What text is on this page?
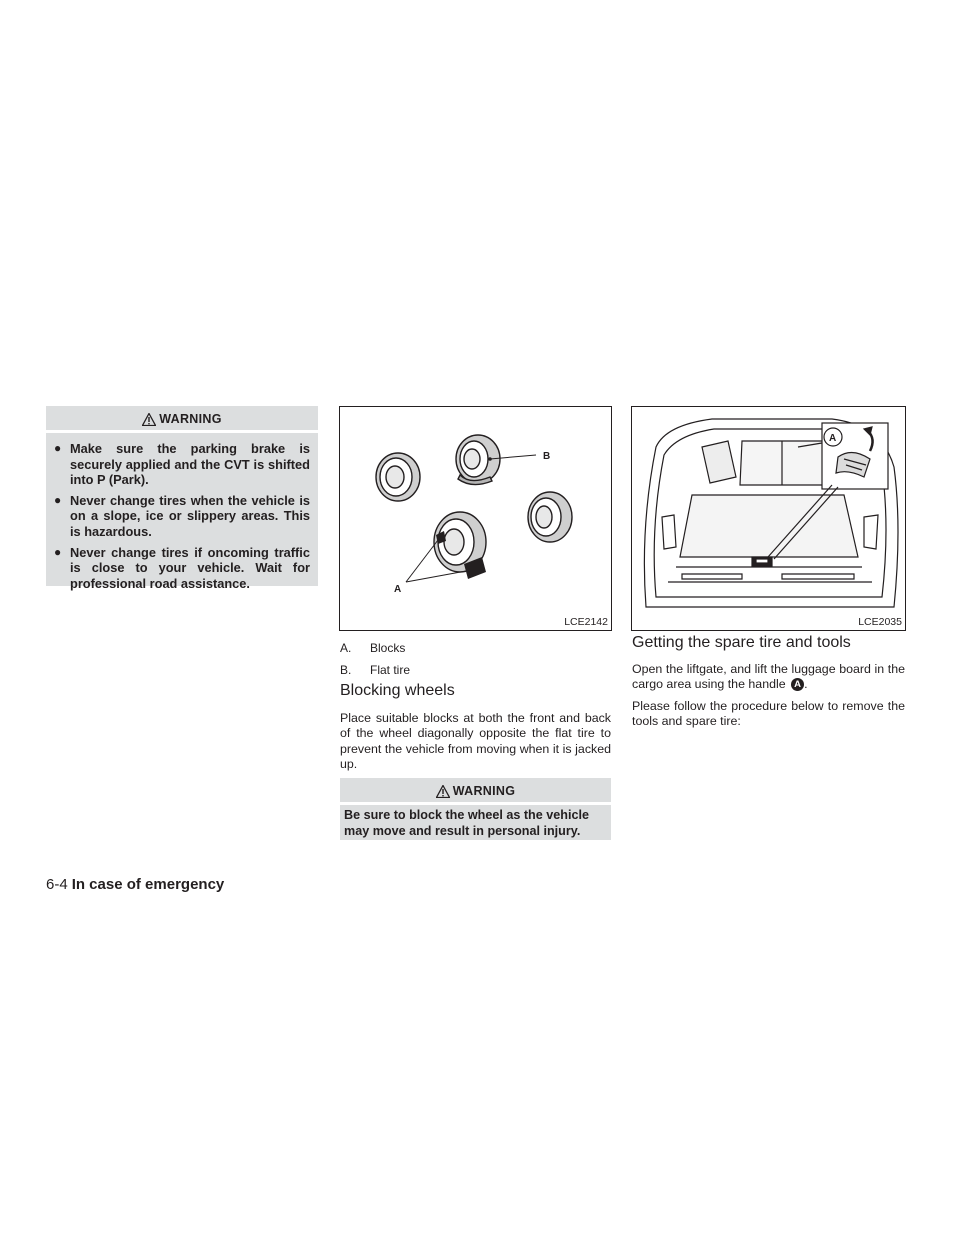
WARNING
● Make sure the parking brake is securely applied and the CVT is shifted into P (Park).
● Never change tires when the vehicle is on a slope, ice or slippery areas. This is hazardous.
● Never change tires if oncoming traffic is close to your vehicle. Wait for professional road assistance.
B
A
LCE2142
A.	Blocks
B.	Flat tire
Blocking wheels
Place suitable blocks at both the front and back of the wheel diagonally opposite the flat tire to prevent the vehicle from moving when it is jacked up.
WARNING
Be sure to block the wheel as the vehicle may move and result in personal injury.
A
LCE2035
Getting the spare tire and tools
Open the liftgate, and lift the luggage board in the cargo area using the handle A .
Please follow the procedure below to remove the tools and spare tire:
6-4 In case of emergency
